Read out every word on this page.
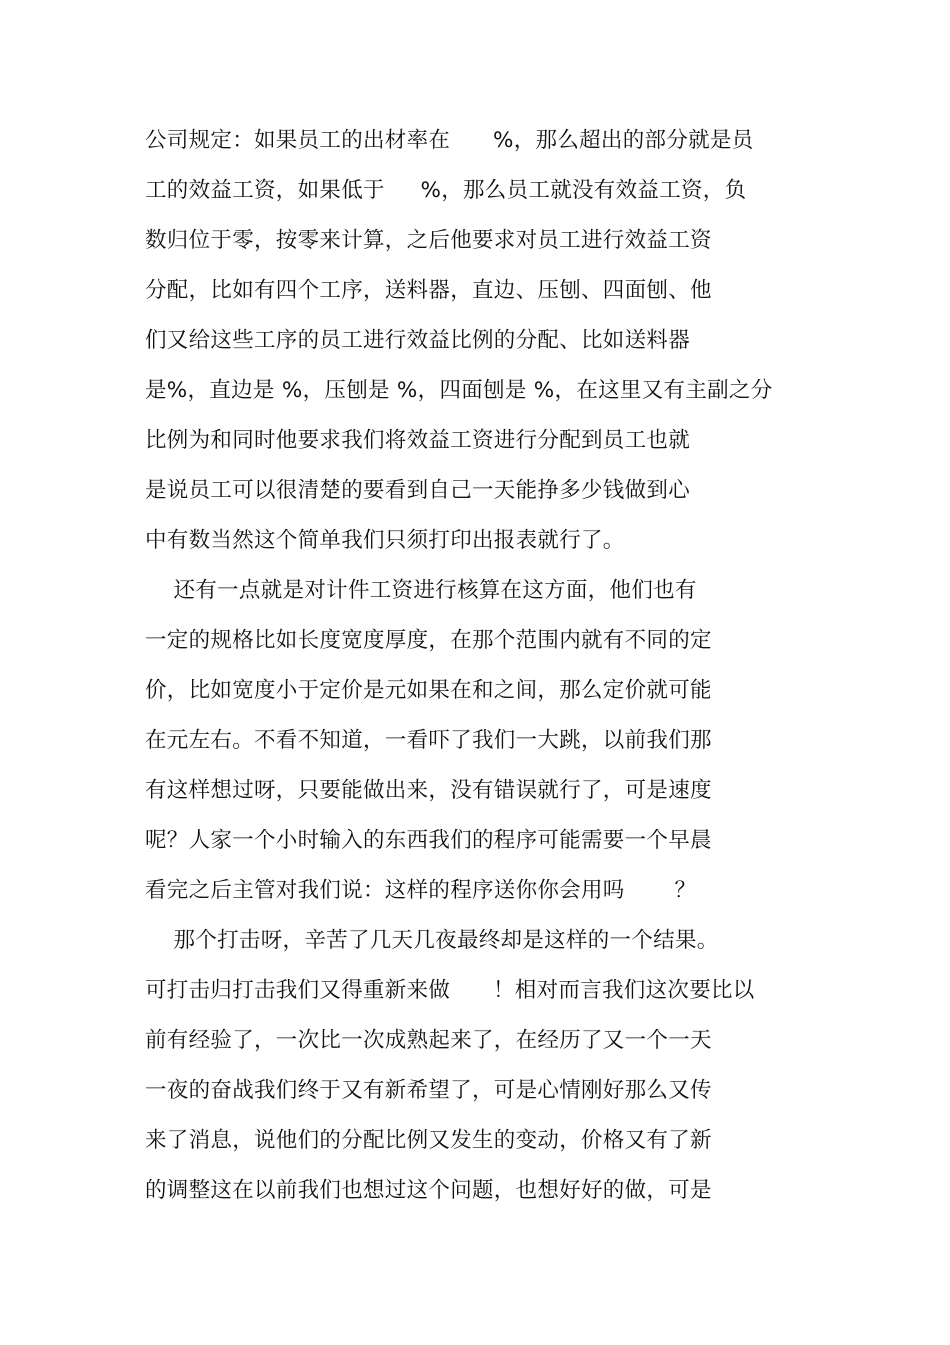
公司规定：如果员工的出材率在      %，那么超出的部分就是员
工的效益工资，如果低于     %，那么员工就没有效益工资，负
数归位于零，按零来计算，之后他要求对员工进行效益工资
分配，比如有四个工序，送料器，直边、压刨、四面刨、他
们又给这些工序的员工进行效益比例的分配、比如送料器
是%，直边是 %，压刨是 %，四面刨是 %，在这里又有主副之分
比例为和同时他要求我们将效益工资进行分配到员工也就
是说员工可以很清楚的要看到自己一天能挣多少钱做到心
中有数当然这个简单我们只须打印出报表就行了。
还有一点就是对计件工资进行核算在这方面，他们也有
一定的规格比如长度宽度厚度，在那个范围内就有不同的定
价，比如宽度小于定价是元如果在和之间，那么定价就可能
在元左右。不看不知道，一看吓了我们一大跳，以前我们那
有这样想过呀，只要能做出来，没有错误就行了，可是速度
呢？人家一个小时输入的东西我们的程序可能需要一个早晨
看完之后主管对我们说：这样的程序送你你会用吗       ？
那个打击呀，辛苦了几天几夜最终却是这样的一个结果。
可打击归打击我们又得重新来做      ！相对而言我们这次要比以
前有经验了，一次比一次成熟起来了，在经历了又一个一天
一夜的奋战我们终于又有新希望了，可是心情刚好那么又传
来了消息，说他们的分配比例又发生的变动，价格又有了新
的调整这在以前我们也想过这个问题，也想好好的做，可是
